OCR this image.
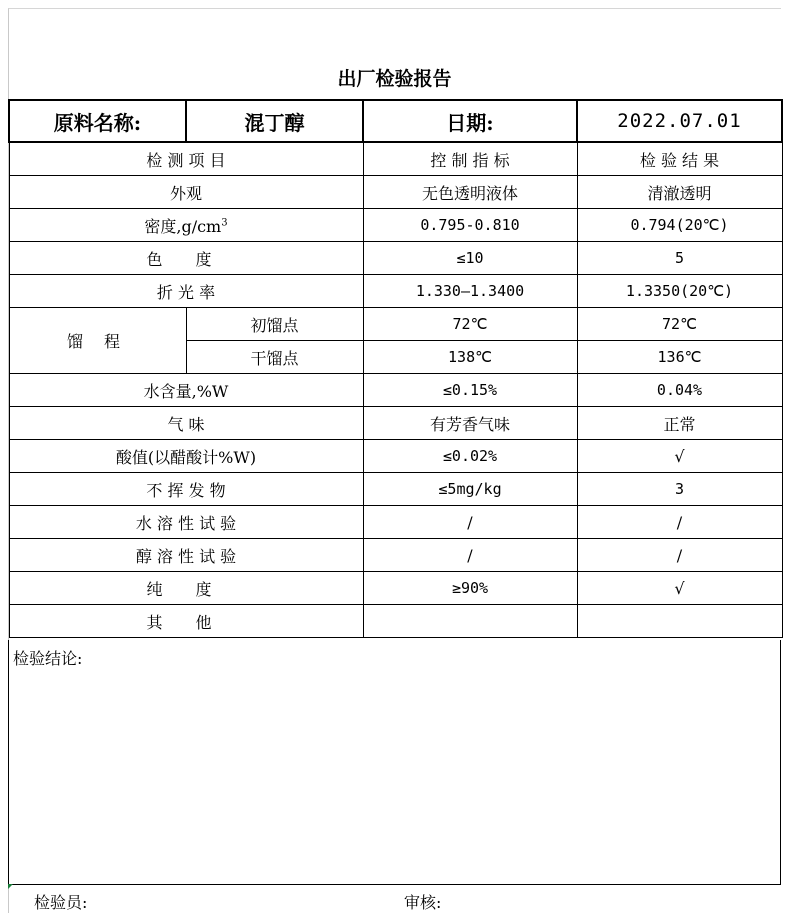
出厂检验报告
原料名称:	混丁醇	日期:	2022.07.01
检 测 项 目		控 制 指 标	检 验 结 果
外观		无色透明液体	清澈透明
密度$,g/cm^3$		0.795-0.810	0.794(20℃)
色 度		≤10	5
折 光 率		1.330—1.3400	1.3350(20℃)
馏 程	初馏点	72℃	72℃
	干馏点	138℃	136℃
水含量,%W		≤0.15%	0.04%
气 味		有芳香气味	正常
酸值(以醋酸计%W)		≤0.02%	√
不 挥 发 物		≤5mg/kg	3
水 溶 性 试 验		/	/
醇 溶 性 试 验		/	/
纯 度		≥90%	√
其 他			
检验结论:
检验员:	审核:
